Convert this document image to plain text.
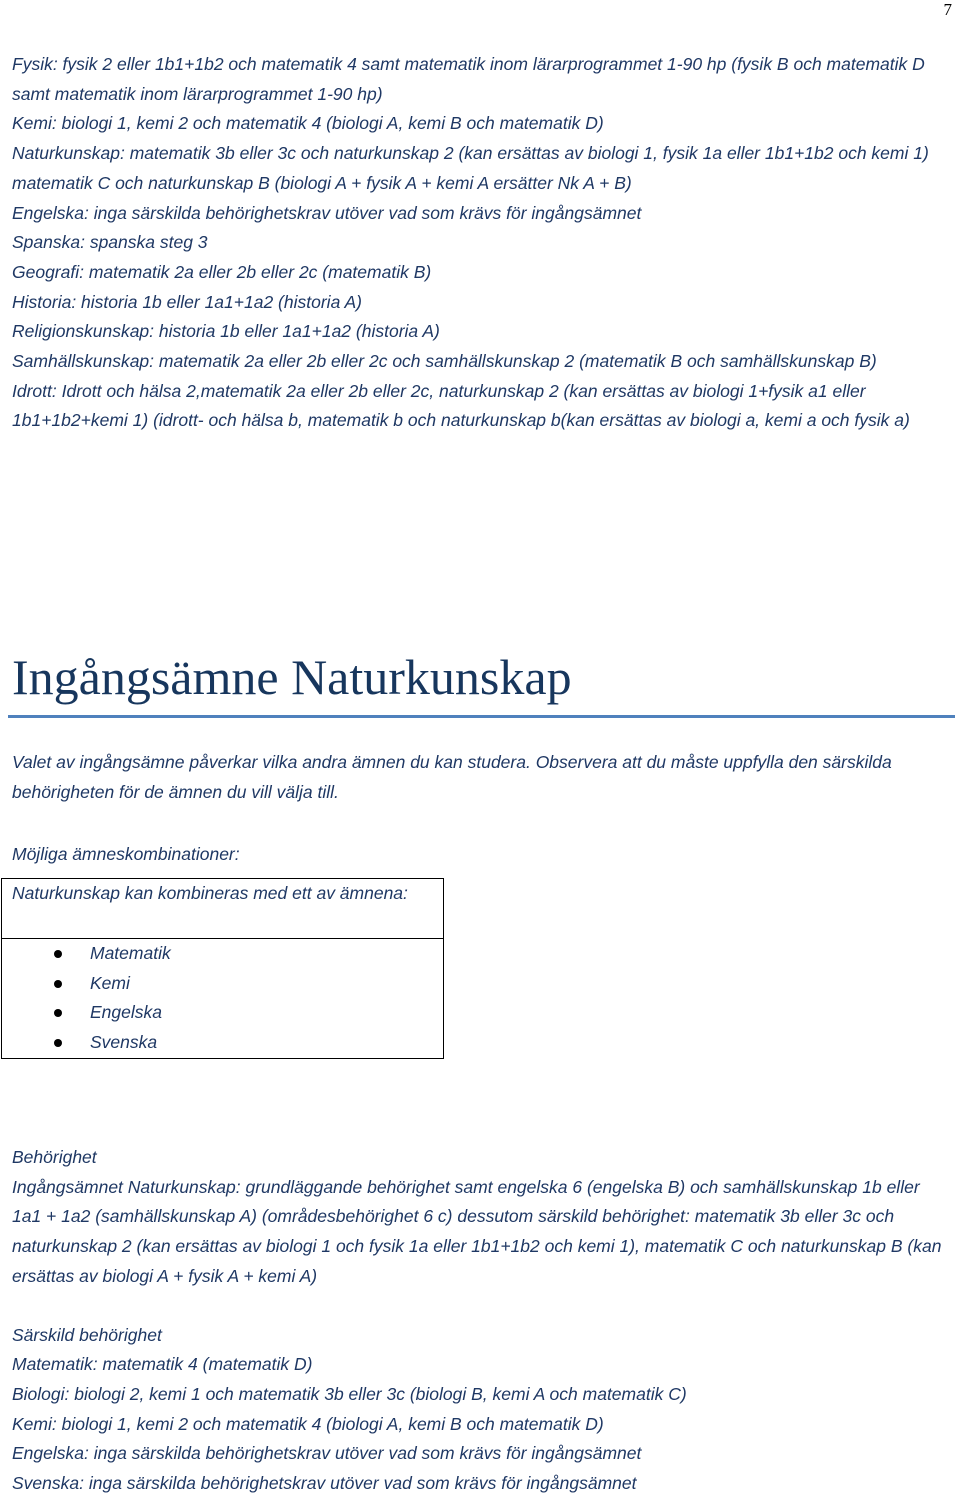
7

Fysik: fysik 2 eller 1b1+1b2 och matematik 4 samt matematik inom lärarprogrammet 1-90 hp (fysik B och matematik D samt matematik inom lärarprogrammet 1-90 hp)

Kemi: biologi 1, kemi 2 och matematik 4 (biologi A, kemi B och matematik D)

Naturkunskap: matematik 3b eller 3c och naturkunskap 2 (kan ersättas av biologi 1, fysik 1a eller 1b1+1b2 och kemi 1) matematik C och naturkunskap B (biologi A + fysik A + kemi A ersätter Nk A + B)

Engelska: inga särskilda behörighetskrav utöver vad som krävs för ingångsämnet

Spanska: spanska steg 3

Geografi: matematik 2a eller 2b eller 2c (matematik B)

Historia: historia 1b eller 1a1+1a2 (historia A)

Religionskunskap: historia 1b eller 1a1+1a2 (historia A)

Samhällskunskap: matematik 2a eller 2b eller 2c och samhällskunskap 2 (matematik B och samhällskunskap B)

Idrott: Idrott och hälsa 2,matematik 2a eller 2b eller 2c, naturkunskap 2 (kan ersättas av biologi 1+fysik a1 eller 1b1+1b2+kemi 1) (idrott- och hälsa b, matematik b och naturkunskap b(kan ersättas av biologi a, kemi a och fysik a)

Ingångsämne Naturkunskap

Valet av ingångsämne påverkar vilka andra ämnen du kan studera. Observera att du måste uppfylla den särskilda behörigheten för de ämnen du vill välja till.

Möjliga ämneskombinationer:

Naturkunskap kan kombineras med ett av ämnena:
Matematik
Kemi
Engelska
Svenska

Behörighet

Ingångsämnet Naturkunskap: grundläggande behörighet samt engelska 6 (engelska B) och samhällskunskap 1b eller 1a1 + 1a2 (samhällskunskap A) (områdesbehörighet 6 c) dessutom särskild behörighet: matematik 3b eller 3c och naturkunskap 2 (kan ersättas av biologi 1 och fysik 1a eller 1b1+1b2 och kemi 1), matematik C och naturkunskap B (kan ersättas av biologi A + fysik A + kemi A)

Särskild behörighet

Matematik: matematik 4 (matematik D)

Biologi: biologi 2, kemi 1 och matematik 3b eller 3c (biologi B, kemi A och matematik C)

Kemi: biologi 1, kemi 2 och matematik 4 (biologi A, kemi B och matematik D)

Engelska: inga särskilda behörighetskrav utöver vad som krävs för ingångsämnet

Svenska: inga särskilda behörighetskrav utöver vad som krävs för ingångsämnet
